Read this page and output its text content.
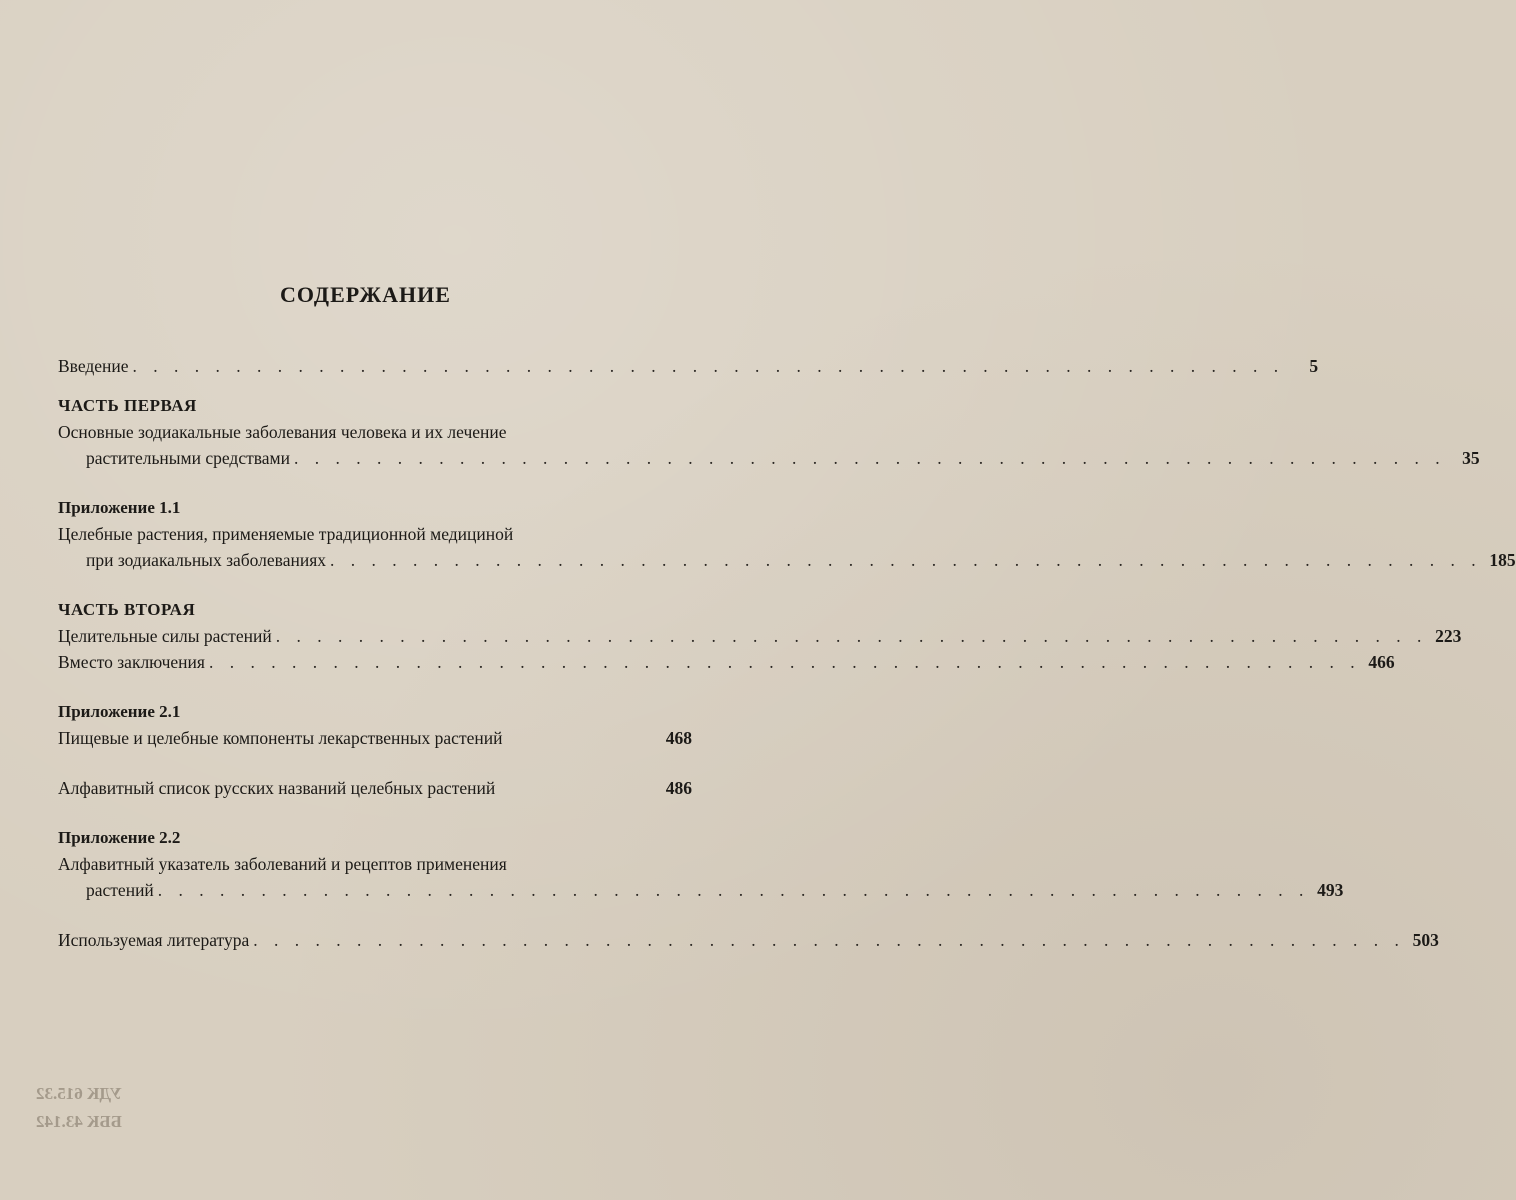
СОДЕРЖАНИЕ
Введение . . . . . . . . . . . . . . . . . . . . . . . . . . . . . . . . . . . . . . . . . . . . . . . . . . . . . . . .	5
ЧАСТЬ ПЕРВАЯ
Основные зодиакальные заболевания человека и их лечение
растительными средствами . . . . . . . . . . . . . . . . . . . . . . . . . . . . . . . . . . . . . . . . . . . . . . . . . . . . . . . . 35
Приложение 1.1
Целебные растения, применяемые традиционной медициной
при зодиакальных заболеваниях . . . . . . . . . . . . . . . . . . . . . . . . . . . . . . . . . . . . . . . . . . . . . . . . . . . . . . . . 185
ЧАСТЬ ВТОРАЯ
Целительные силы растений . . . . . . . . . . . . . . . . . . . . . . . . . . . . . . . . . . . . . . . . . . . . . . . . . . . . . . . . 223
Вместо заключения . . . . . . . . . . . . . . . . . . . . . . . . . . . . . . . . . . . . . . . . . . . . . . . . . . . . . . . . 466
Приложение 2.1
Пищевые и целебные компоненты лекарственных растений	468
Алфавитный список русских названий целебных растений	486
Приложение 2.2
Алфавитный указатель заболеваний и рецептов применения
растений . . . . . . . . . . . . . . . . . . . . . . . . . . . . . . . . . . . . . . . . . . . . . . . . . . . . . . . . 493
Используемая литература . . . . . . . . . . . . . . . . . . . . . . . . . . . . . . . . . . . . . . . . . . . . . . . . . . . . . . . . 503
УДК 615.32
ББК 43.142
